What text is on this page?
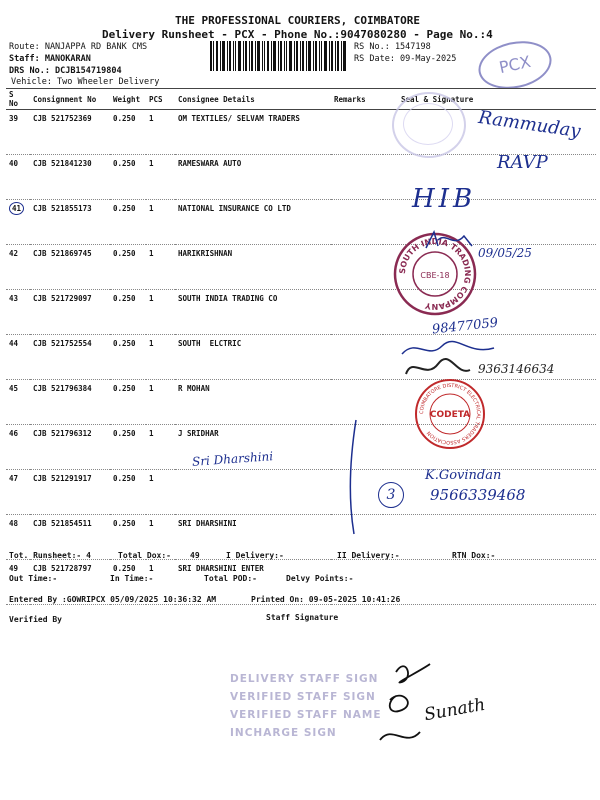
THE PROFESSIONAL COURIERS, COIMBATORE
Delivery Runsheet - PCX - Phone No.:9047080280 - Page No.:4
Route: NANJAPPA RD BANK CMS
Staff: MANOKARAN
DRS No.: DCJB154719804
Vehicle: Two Wheeler Delivery
RS No.: 1547198
RS Date: 09-May-2025	PCX
S No	Consignment No	Weight	PCS	Consignee Details	Remarks	Seal & Signature
39	CJB 521752369	0.250	1	OM TEXTILES/ SELVAM TRADERS		
40	CJB 521841230	0.250	1	RAMESWARA AUTO		
41	CJB 521855173	0.250	1	NATIONAL INSURANCE CO LTD		
42	CJB 521869745	0.250	1	HARIKRISHNAN		
43	CJB 521729097	0.250	1	SOUTH INDIA TRADING CO		
44	CJB 521752554	0.250	1	SOUTH  ELCTRIC		
45	CJB 521796384	0.250	1	R MOHAN		
46	CJB 521796312	0.250	1	J SRIDHAR		
47	CJB 521291917	0.250	1			
48	CJB 521854511	0.250	1	SRI DHARSHINI		
49	CJB 521728797	0.250	1	SRI DHARSHINI ENTER		
SOUTH INDIA TRADING COMPANY
CBE-18
COIMBATORE DISTRICT ELECTRICAL TRADERS ASSOCIATION
CODETA
Rammuday
RAVP
HIB
09/05/25
98477059
9363146634
Sri Dharshini
K.Govindan
9566339468
3
Tot. Runsheet:- 4	Total Dox:- 49	I Delivery:-	II Delivery:-	RTN Dox:-
Out Time:-	In Time:-	Total POD:-	Delvy Points:-
Entered By :GOWRIPCX 05/09/2025 10:36:32 AM	Printed On: 09-05-2025 10:41:26
Verified By	Staff Signature
DELIVERY STAFF SIGN
VERIFIED STAFF SIGN
VERIFIED STAFF NAME
INCHARGE SIGN
Sunath
